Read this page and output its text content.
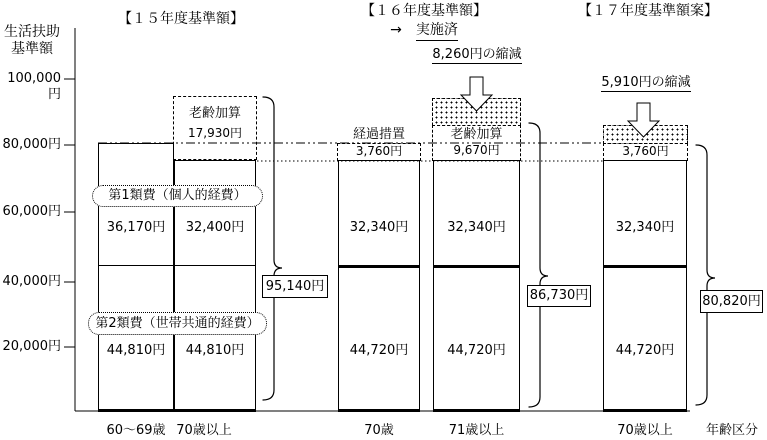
生活扶助
基準額
100,000円
80,000円
60,000円
40,000円
20,000円
【１５年度基準額】	【１６年度基準額】
→ 実施済
【１７年度基準額案】
8,260円の縮減
5,910円の縮減
老齢加算
17,930円	経過措置
3,760円
老齢加算
9,670円	3,760円
第1類費（個人的経費）
第2類費（世帯共通的経費）
36,170円	32,400円
44,810円	44,810円
32,340円	32,340円
44,720円	44,720円
32,340円
44,720円
95,140円
86,730円	80,820円
60～69歳 70歳以上	70歳	71歳以上	70歳以上	年齢区分
